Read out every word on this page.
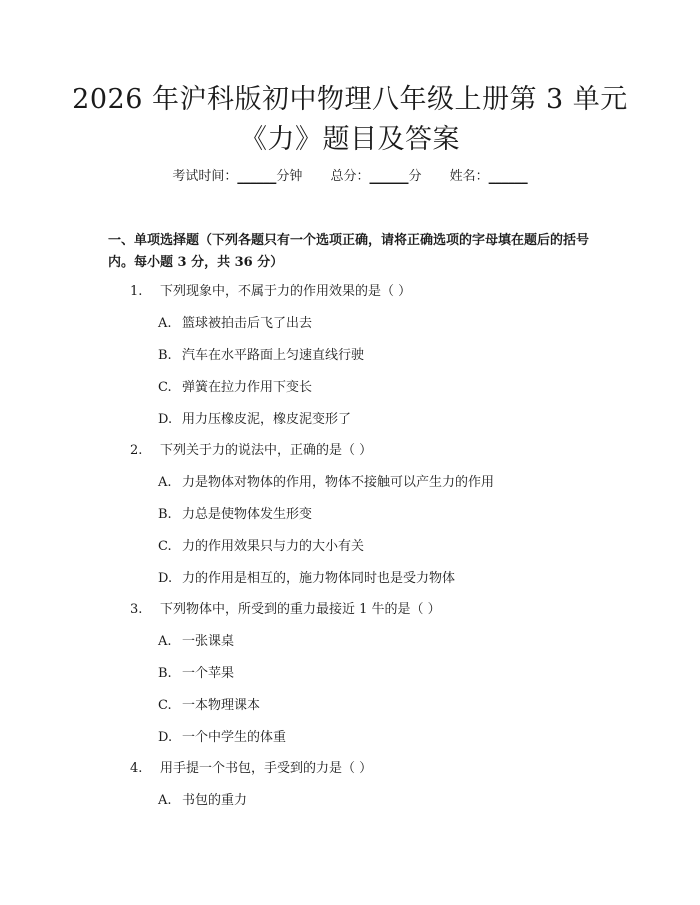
2026 年沪科版初中物理八年级上册第 3 单元
《力》题目及答案
考试时间：______分钟 总分：______分 姓名：______
一、单项选择题（下列各题只有一个选项正确，请将正确选项的字母填在题后的括号内。每小题 3 分，共 36 分）
1. 下列现象中，不属于力的作用效果的是（ ）
A. 篮球被拍击后飞了出去
B. 汽车在水平路面上匀速直线行驶
C. 弹簧在拉力作用下变长
D. 用力压橡皮泥，橡皮泥变形了
2. 下列关于力的说法中，正确的是（ ）
A. 力是物体对物体的作用，物体不接触可以产生力的作用
B. 力总是使物体发生形变
C. 力的作用效果只与力的大小有关
D. 力的作用是相互的，施力物体同时也是受力物体
3. 下列物体中，所受到的重力最接近 1 牛的是（ ）
A. 一张课桌
B. 一个苹果
C. 一本物理课本
D. 一个中学生的体重
4. 用手提一个书包，手受到的力是（ ）
A. 书包的重力
